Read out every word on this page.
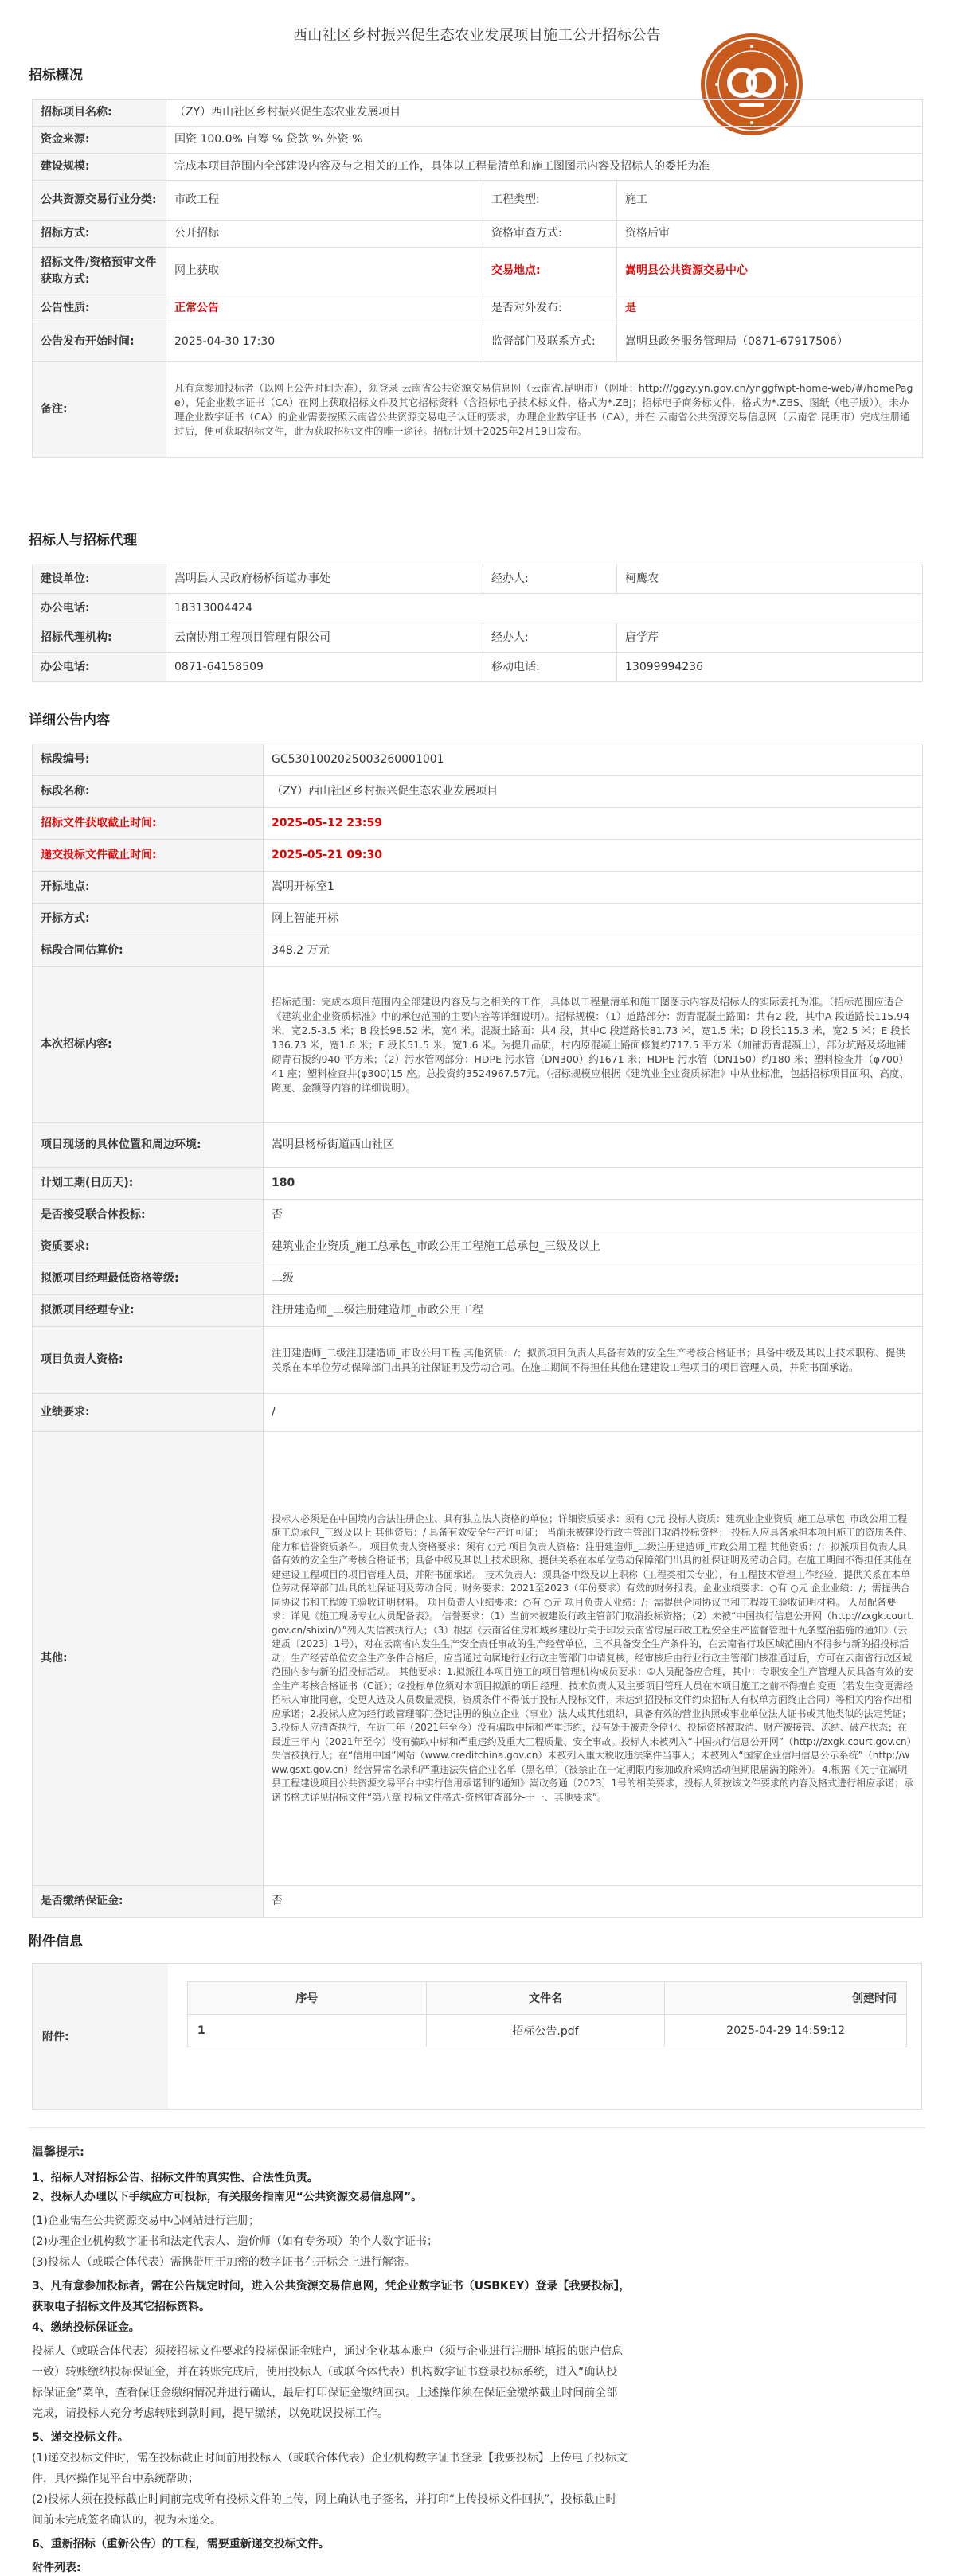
西山社区乡村振兴促生态农业发展项目施工公开招标公告
招标概况
招标项目名称:	（ZY）西山社区乡村振兴促生态农业发展项目		
资金来源:	国资 100.0% 自筹 % 贷款 % 外资 %		
建设规模:	完成本项目范围内全部建设内容及与之相关的工作，具体以工程量清单和施工图图示内容及招标人的委托为准		
公共资源交易行业分类:	市政工程	工程类型:	施工
招标方式:	公开招标	资格审查方式:	资格后审
招标文件/资格预审文件获取方式:	网上获取	交易地点:	嵩明县公共资源交易中心
公告性质:	正常公告	是否对外发布:	是
公告发布开始时间:	2025-04-30 17:30	监督部门及联系方式:	嵩明县政务服务管理局（0871-67917506）
备注:	凡有意参加投标者（以网上公告时间为准），须登录 云南省公共资源交易信息网（云南省.昆明市）（网址：http:///ggzy.yn.gov.cn/ynggfwpt-home-web/#/homePage），凭企业数字证书（CA）在网上获取招标文件及其它招标资料（含招标电子技术标文件，格式为*.ZBJ；招标电子商务标文件，格式为*.ZBS、图纸（电子版））。未办理企业数字证书（CA）的企业需要按照云南省公共资源交易电子认证的要求，办理企业数字证书（CA），并在 云南省公共资源交易信息网（云南省.昆明市）完成注册通过后，便可获取招标文件，此为获取招标文件的唯一途径。招标计划于2025年2月19日发布。		
招标人与招标代理
建设单位:	嵩明县人民政府杨桥街道办事处	经办人:	柯鹰农
办公电话:	18313004424		
招标代理机构:	云南协翔工程项目管理有限公司	经办人:	唐学芹
办公电话:	0871-64158509	移动电话:	13099994236
详细公告内容
标段编号:	GC5301002025003260001001
标段名称:	（ZY）西山社区乡村振兴促生态农业发展项目
招标文件获取截止时间:	2025-05-12 23:59
递交投标文件截止时间:	2025-05-21 09:30
开标地点:	嵩明开标室1
开标方式:	网上智能开标
标段合同估算价:	348.2 万元
本次招标内容:	招标范围：完成本项目范围内全部建设内容及与之相关的工作，具体以工程量清单和施工图图示内容及招标人的实际委托为准。（招标范围应适合《建筑业企业资质标准》中的承包范围的主要内容等详细说明）。招标规模：（1）道路部分：沥青混凝土路面：共有2 段，其中A 段道路长115.94 米，宽2.5-3.5 米；B 段长98.52 米，宽4 米。混凝土路面：共4 段，其中C 段道路长81.73 米，宽1.5 米；D 段长115.3 米，宽2.5 米；E 段长136.73 米，宽1.6 米；F 段长51.5 米，宽1.6 米。为提升品质，村内原混凝土路面修复约717.5 平方米（加铺沥青混凝土），部分坑路及场地铺砌青石板约940 平方米；（2）污水管网部分：HDPE 污水管（DN300）约1671 米；HDPE 污水管（DN150）约180 米；塑料检查井（φ700）41 座；塑料检查井(φ300)15 座。总投资约3524967.57元。（招标规模应根据《建筑业企业资质标准》中从业标准，包括招标项目面积、高度、跨度、金额等内容的详细说明）。
项目现场的具体位置和周边环境:	嵩明县杨桥街道西山社区
计划工期(日历天):	180
是否接受联合体投标:	否
资质要求:	建筑业企业资质_施工总承包_市政公用工程施工总承包_三级及以上
拟派项目经理最低资格等级:	二级
拟派项目经理专业:	注册建造师_二级注册建造师_市政公用工程
项目负责人资格:	注册建造师_二级注册建造师_市政公用工程 其他资质：/；拟派项目负责人具备有效的安全生产考核合格证书；具备中级及其以上技术职称、提供关系在本单位劳动保障部门出具的社保证明及劳动合同。在施工期间不得担任其他在建建设工程项目的项目管理人员，并附书面承诺。
业绩要求:	/
其他:	投标人必须是在中国境内合法注册企业、具有独立法人资格的单位；详细资质要求：须有 ○元 投标人资质：建筑业企业资质_施工总承包_市政公用工程施工总承包_三级及以上 其他资质：/ 具备有效安全生产许可证； 当前未被建设行政主管部门取消投标资格； 投标人应具备承担本项目施工的资质条件、能力和信誉资质条件。 项目负责人资格要求：须有 ○元 项目负责人资格：注册建造师_二级注册建造师_市政公用工程 其他资质：/；拟派项目负责人具备有效的安全生产考核合格证书；具备中级及其以上技术职称、提供关系在本单位劳动保障部门出具的社保证明及劳动合同。在施工期间不得担任其他在建建设工程项目的项目管理人员，并附书面承诺。 技术负责人：须具备中级及以上职称（工程类相关专业），有工程技术管理工作经验，提供关系在本单位劳动保障部门出具的社保证明及劳动合同；财务要求：2021至2023（年份要求）有效的财务报表。企业业绩要求：○有 ○元 企业业绩：/；需提供合同协议书和工程竣工验收证明材料。 项目负责人业绩要求：○有 ○元 项目负责人业绩：/；需提供合同协议书和工程竣工验收证明材料。 人员配备要求：详见《施工现场专业人员配备表》。 信誉要求：（1）当前未被建设行政主管部门取消投标资格；（2）未被“中国执行信息公开网（http://zxgk.court.gov.cn/shixin/）”列入失信被执行人；（3）根据《云南省住房和城乡建设厅关于印发云南省房屋市政工程安全生产监督管理十九条整治措施的通知》（云建质〔2023〕1号），对在云南省内发生生产安全责任事故的生产经营单位，且不具备安全生产条件的，在云南省行政区域范围内不得参与新的招投标活动；生产经营单位安全生产条件合格后，应当通过向属地行业行政主管部门申请复核，经审核后由行业行政主管部门核准通过后，方可在云南省行政区域范围内参与新的招投标活动。 其他要求：1.拟派往本项目施工的项目管理机构成员要求：①人员配备应合理，其中：专职安全生产管理人员具备有效的安全生产考核合格证书（C证）；②投标单位须对本项目拟派的项目经理、技术负责人及主要项目管理人员在本项目施工之前不得擅自变更（若发生变更需经招标人审批同意，变更人选及人员数量规模，资质条件不得低于投标人投标文件，未达到招投标文件约束招标人有权单方面终止合同）等相关内容作出相应承诺；2.投标人应为经行政管理部门登记注册的独立企业（事业）法人或其他组织，具备有效的营业执照或事业单位法人证书或其他类似的法定凭证；3.投标人应清查执行，在近三年（2021年至今）没有骗取中标和严重违约，没有处于被责令停业、投标资格被取消、财产被接管、冻结、破产状态；在最近三年内（2021年至今）没有骗取中标和严重违约及重大工程质量、安全事故。投标人未被列入“中国执行信息公开网”（http://zxgk.court.gov.cn）失信被执行人；在“信用中国”网站（www.creditchina.gov.cn）未被列入重大税收违法案件当事人；未被列入“国家企业信用信息公示系统”（http://www.gsxt.gov.cn）经营异常名录和严重违法失信企业名单（黑名单）（被禁止在一定期限内参加政府采购活动但期限届满的除外）。4.根据《关于在嵩明县工程建设项目公共资源交易平台中实行信用承诺制的通知》嵩政务通〔2023〕1号的相关要求，投标人须按该文件要求的内容及格式进行相应承诺；承诺书格式详见招标文件“第八章 投标文件格式-资格审查部分-十一、其他要求”。
是否缴纳保证金:	否
附件信息
附件:
序号	文件名	创建时间
1	招标公告.pdf	2025-04-29 14:59:12
温馨提示:
1、招标人对招标公告、招标文件的真实性、合法性负责。
2、投标人办理以下手续应方可投标，有关服务指南见“公共资源交易信息网”。
(1)企业需在公共资源交易中心网站进行注册；
(2)办理企业机构数字证书和法定代表人、造价师（如有专务项）的个人数字证书；
(3)投标人（或联合体代表）需携带用于加密的数字证书在开标会上进行解密。
3、凡有意参加投标者，需在公告规定时间，进入公共资源交易信息网，凭企业数字证书（USBKEY）登录【我要投标】，
获取电子招标文件及其它招标资料。
4、缴纳投标保证金。
投标人（或联合体代表）须按招标文件要求的投标保证金账户，通过企业基本账户（须与企业进行注册时填报的账户信息
一致）转账缴纳投标保证金，并在转账完成后，使用投标人（或联合体代表）机构数字证书登录投标系统，进入“确认投
标保证金”菜单，查看保证金缴纳情况并进行确认，最后打印保证金缴纳回执。上述操作须在保证金缴纳截止时间前全部
完成，请投标人充分考虑转账到款时间，提早缴纳，以免耽误投标工作。
5、递交投标文件。
(1)递交投标文件时，需在投标截止时间前用投标人（或联合体代表）企业机构数字证书登录【我要投标】上传电子投标文
件，具体操作见平台中系统帮助；
(2)投标人须在投标截止时间前完成所有投标文件的上传，网上确认电子签名，并打印“上传投标文件回执”，投标截止时
间前未完成签名确认的，视为未递交。
6、重新招标（重新公告）的工程，需要重新递交投标文件。
附件列表:
